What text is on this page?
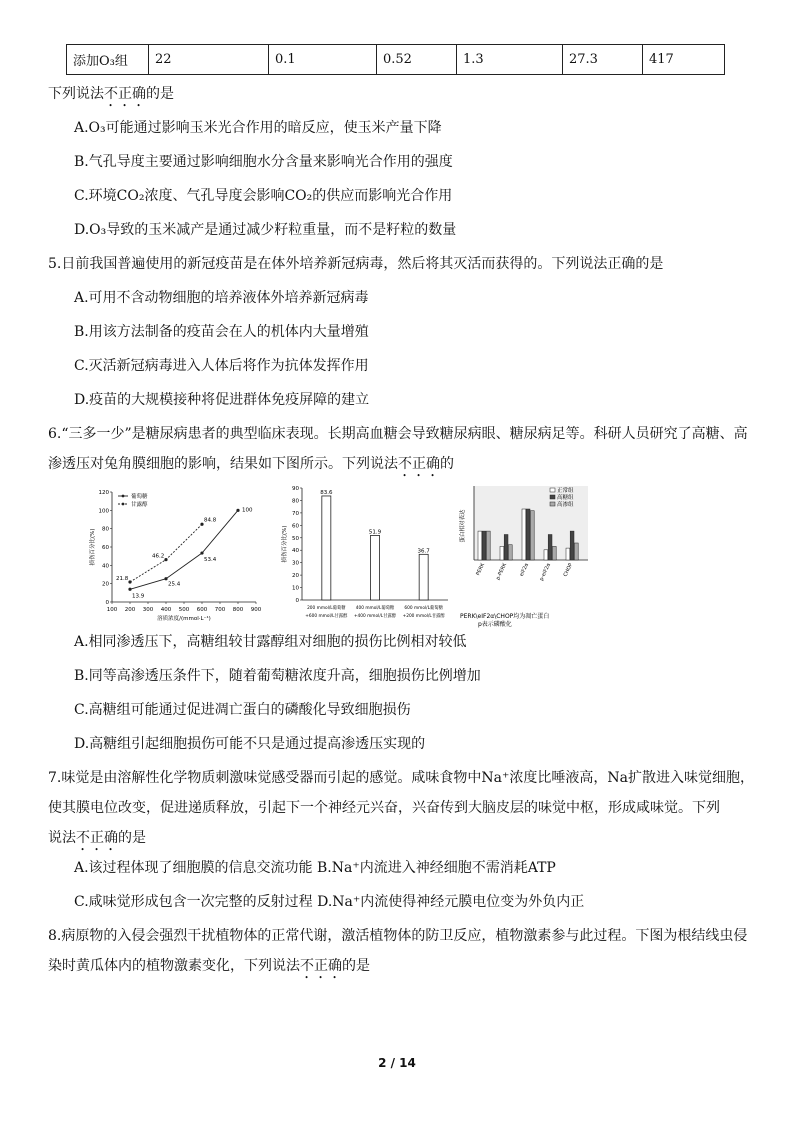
添加O₃组	22	0.1	0.52	1.3	27.3	417
下列说法不正确的是
A.O₃可能通过影响玉米光合作用的暗反应，使玉米产量下降
B.气孔导度主要通过影响细胞水分含量来影响光合作用的强度
C.环境CO₂浓度、气孔导度会影响CO₂的供应而影响光合作用
D.O₃导致的玉米减产是通过减少籽粒重量，而不是籽粒的数量
5.日前我国普遍使用的新冠疫苗是在体外培养新冠病毒，然后将其灭活而获得的。下列说法正确的是
A.可用不含动物细胞的培养液体外培养新冠病毒
B.用该方法制备的疫苗会在人的机体内大量增殖
C.灭活新冠病毒进入人体后将作为抗体发挥作用
D.疫苗的大规模接种将促进群体免疫屏障的建立
6.“三多一少”是糖尿病患者的典型临床表现。长期高血糖会导致糖尿病眼、糖尿病足等。科研人员研究了高糖、高
渗透压对兔角膜细胞的影响，结果如下图所示。下列说法不正确的
0
20
40
60
80
100
120
100 200 300 400 500 600 700 800 900
溶质浓度/(mmol·L⁻¹)
损伤百分比(%)
13.9
25.4
53.4
100
21.8
46.2
84.8
葡萄糖
甘露醇
0
10
20
30
40
50
60
70
80
90
损伤百分比(%)
83.6
200 mmol/L葡萄糖
+600 mmol/L甘露醇
51.9
400 mmol/L葡萄糖
+400 mmol/L甘露醇
36.7
600 mmol/L葡萄糖
+200 mmol/L甘露醇
蛋白相对表达
PERK p-PERK eIF2α p-eIF2α CHOP
正常组
高糖组
高渗组
PERK\eIF2α\CHOP均为凋亡蛋白
p表示磷酸化
A.相同渗透压下，高糖组较甘露醇组对细胞的损伤比例相对较低
B.同等高渗透压条件下，随着葡萄糖浓度升高，细胞损伤比例增加
C.高糖组可能通过促进凋亡蛋白的磷酸化导致细胞损伤
D.高糖组引起细胞损伤可能不只是通过提高渗透压实现的
7.味觉是由溶解性化学物质刺激味觉感受器而引起的感觉。咸味食物中Na⁺浓度比唾液高，Na扩散进入味觉细胞，
使其膜电位改变，促进递质释放，引起下一个神经元兴奋，兴奋传到大脑皮层的味觉中枢，形成咸味觉。下列
说法不正确的是
A.该过程体现了细胞膜的信息交流功能 B.Na⁺内流进入神经细胞不需消耗ATP
C.咸味觉形成包含一次完整的反射过程 D.Na⁺内流使得神经元膜电位变为外负内正
8.病原物的入侵会强烈干扰植物体的正常代谢，激活植物体的防卫反应，植物激素参与此过程。下图为根结线虫侵
染时黄瓜体内的植物激素变化，下列说法不正确的是
2 / 14
